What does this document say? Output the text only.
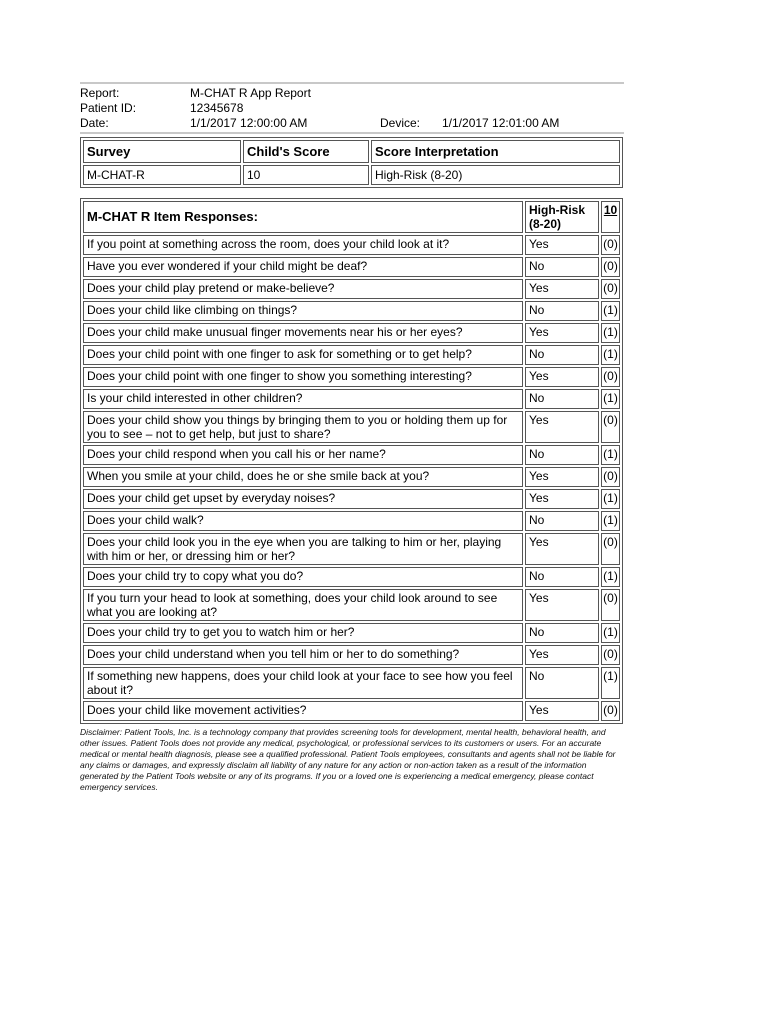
Report:	M-CHAT R App Report
Patient ID:	12345678
Date:	1/1/2017 12:00:00 AM	Device: 1/1/2017 12:01:00 AM
Survey	Child's Score	Score Interpretation
M-CHAT-R	10	High-Risk (8-20)
M-CHAT R Item Responses:	High-Risk (8-20)	10
If you point at something across the room, does your child look at it?	Yes	(0)
Have you ever wondered if your child might be deaf?	No	(0)
Does your child play pretend or make-believe?	Yes	(0)
Does your child like climbing on things?	No	(1)
Does your child make unusual finger movements near his or her eyes?	Yes	(1)
Does your child point with one finger to ask for something or to get help?	No	(1)
Does your child point with one finger to show you something interesting?	Yes	(0)
Is your child interested in other children?	No	(1)
Does your child show you things by bringing them to you or holding them up for you to see – not to get help, but just to share?	Yes	(0)
Does your child respond when you call his or her name?	No	(1)
When you smile at your child, does he or she smile back at you?	Yes	(0)
Does your child get upset by everyday noises?	Yes	(1)
Does your child walk?	No	(1)
Does your child look you in the eye when you are talking to him or her, playing with him or her, or dressing him or her?	Yes	(0)
Does your child try to copy what you do?	No	(1)
If you turn your head to look at something, does your child look around to see what you are looking at?	Yes	(0)
Does your child try to get you to watch him or her?	No	(1)
Does your child understand when you tell him or her to do something?	Yes	(0)
If something new happens, does your child look at your face to see how you feel about it?	No	(1)
Does your child like movement activities?	Yes	(0)
Disclaimer: Patient Tools, Inc. is a technology company that provides screening tools for development, mental health, behavioral health, and other issues. Patient Tools does not provide any medical, psychological, or professional services to its customers or users. For an accurate medical or mental health diagnosis, please see a qualified professional. Patient Tools employees, consultants and agents shall not be liable for any claims or damages, and expressly disclaim all liability of any nature for any action or non-action taken as a result of the information generated by the Patient Tools website or any of its programs. If you or a loved one is experiencing a medical emergency, please contact emergency services.
